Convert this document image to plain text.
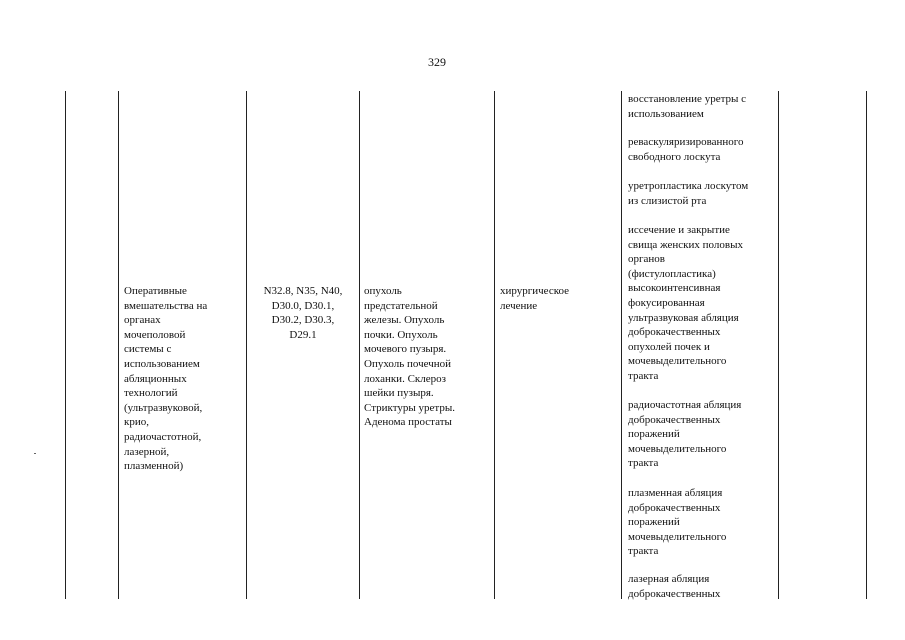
329
Оперативные
вмешательства на
органах
мочеполовой
системы с
использованием
абляционных
технологий
(ультразвуковой,
крио,
радиочастотной,
лазерной,
плазменной)
N32.8, N35, N40,
D30.0, D30.1,
D30.2, D30.3,
D29.1
опухоль
предстательной
железы. Опухоль
почки. Опухоль
мочевого пузыря.
Опухоль почечной
лоханки. Склероз
шейки пузыря.
Стриктуры уретры.
Аденома простаты
хирургическое
лечение
восстановление уретры с
использованием
реваскуляризированного
свободного лоскута
уретропластика лоскутом
из слизистой рта
иссечение и закрытие
свища женских половых
органов
(фистулопластика)
высокоинтенсивная
фокусированная
ультразвуковая абляция
доброкачественных
опухолей почек и
мочевыделительного
тракта
радиочастотная абляция
доброкачественных
поражений
мочевыделительного
тракта
плазменная абляция
доброкачественных
поражений
мочевыделительного
тракта
лазерная абляция
доброкачественных
